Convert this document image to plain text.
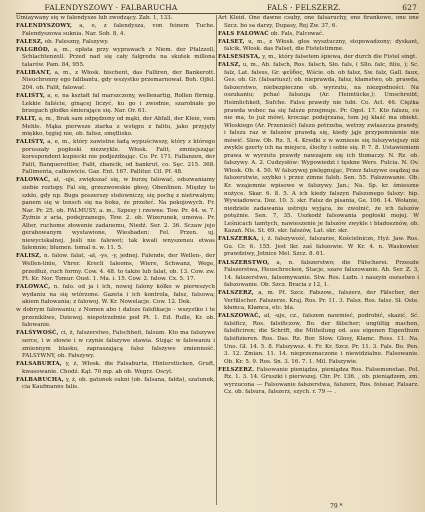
FALENDYSZOWY · FALBARUCHA	FALS · FELSZERZ.	627

Umiaywany się w falendysze lub zwodzący. Zab. 1, 133.

FALENDYSZOWY, a, e, z falendysza, von feinem Tuche. Falendyszowa suknia. Nar. Sob. 8, 4.

FALESZ, ob. Faleszny, Falszywy.

FALGRÓD, a, m., opłata przy wyprawach z Niem. der Pfalzzoll, Schlachtenzoll. Przed nad się cały falgrodu na skutek millona talarów. Pam. 84, 955.

FALIBANT, a, m., z Włosk. bischent, das Falliren, der Bankerott. Nieuchronny ego falibantu, gdy wszystko przemarnował. Boh. Ojfel. 204. ob. Falit, falować.

FALIŚTY, a, e, na kształt fal marszczony, wellenartig, Rollen förmig. Lekkie faliście, ginącej liczyć, ku go i zwodnie, szarobiałe po brzegach głodko śmierające się. Nar. Or. 61.

FALIT, a, m., Brak sam odpędzony od mąki, der Abfall, der Kleie, vom Mehle. Mąka pierwsze ziarka z wstępu z falitu, jako przyjęty miękko, tęgiej nie, ob. falisz, smętlisko.

FALIŚTY, a, e, m., który zawistne ładą wypuściwszy, który z którego poruszały pogłoski niezwykle. Włosk. Falit, zmniejszając korespondent kupiecki nie podjeżdżając. Co. Pr. 171. Fallanzen, der Falit, Banquerottier, Falit, zbancik, od bankrut, co. Sęc. 215. 368. Fallimenta, całkowicie. Gaz. Ent. 167. Pallitur. Cil. Pf. 48.

FALOWAĆ, ał, -uje, zwiększać się, w burzę falować, odszwaniamy siebie roztopy. Fal się, grzezwowskie głosy, Obenlinen. Między to szkło, gdy np. Bugu poszerszy stołowniczy, się pochę z nietrwałym; panem się w tensch się na boku, że przeleć. Na pokojowych. Fr. Nar. Pr. 25. ob. FALMUSY, a. m., Szpesy i rzewne. Tow. Pr. 44. w. 7. Żyźnie z aria, podejrzanego, Tow. 2. ob. Wizerunek, umowa. Pr. Alter, ruchome złowenie zadanemu, Niedź. Ser. 2. 36. Sczaw jejo gerabowanym wystawione, Wiesbaden; Fel. Przen. uj. niewyciskalnej. Jeśli nie falewet; tak kwali wnyszeneu etwas falemnie; blumen. tomal n. w. 11. 5.

FALISZ, n. falow. falat, -ał, -ys, -y, jednej. Falende, der Wellen-, der Wellen-linie, Vhrer. Krecli Ialeoms, Wiere, Schwanz, Wege, przedłuż, ruch formy. Cow. 4. 48. to także lub falat, ob. 13. Cow. zw. Ft. Kr. Nor. Tomur. Oust. 1. Ma. i. 15. Cow. 2. falow. Cx. 5. 17.

FALOWAĆ, n. falo. od ja i ich, nowej falony kółko w pierwszych wydaniu na się wtórzone. Gazeta i ich kontrola, fałsz, falsowa; akiem fiałowania; z falowoj. W. Kr. Nowelacje. Cow. 12. Dek.

w dobrym falowaniu; z Nomen abo i dalsze falsfikacje - wszystko i te przenikliwe, Dziewoj. niepotrzebnie pod Pt. 1. Ed. Rulle, Kr. ob. falowanie.

FALŚYWOŚĆ, ci, ż, falszerstwo, Falschheit, falsum. Kto ma falszywe serce, i w słowie i w czynie falszywe stawia. Stojąc w falowaniu i zmiennym blasku, zapraszającą falsz falszywe zmienność. FALSYWNY, ob. Fałszywy.

FALSABURTA, y, ż, Włosk. die Falsaburta, Hinterstücken, Gruft, kwasowanie. Chodź. Kąt. 70 mp. ab ob. Wegrz. Oscyl.

FALBARUCHA, y, ż, ob. gatunek sukni (ob. falsana, fałda), szatunek, cia Kaufmanns falis.

Art Kleid. One dawne csuby, one falsaruchy, one firankowe, one one Szcz. bo sa darzy, Dupasy, Rej Zw. 37, 6.

FALS FALOWAĆ ob. Fals, Falcować.

FALSET, u, m., z Włosk. głos wysztuczny, stopowadzony; dyskant, falcik, Włosk. das Falset, die Fistelstimme.

FALSESISTA, y, m., który falsetem śpiewa, der durch die Fistel singt.

FALSZ, u, m., Ab. falsch, Ros. falsch, Sło. fals, ( Sllo. falc, filiu, ); Sc. falz, Lat. falsus, Gr. ψεῦδος, Wście. ob. ob falsz, Sw. falz, Gall. faux, Ges. ob. Gr. (falsariusz); ob. nieprawda, fałsz, kłamstwo, ob. prawda, fałszerstwo, niebezpieczne ob. wyrzutu, na niezgodności. Na oszukaniu; pchać falszuja (Ar. Heimtücke,); Umschreibt, Heimlichkeit, Sufche. Falsu prawdy nie lubi. Co. Acl. 46. Ciężka prawda wobec na się falszu przejmuje. Pr. Ogol. 17. Kto falszu, co nie ma, to już mówi, krocząc podejrzana, tom jej kłaść ma obiekt. Włoskiego (Ar. Przenieść) falszu potrzeba, wetrzy zwłaszcza prawdy, i falszu raz w falszów prawdą się, kiedy jąje przypomnienie nie mówić. Slow. Ob. Rz. 5, 4. Kredki z w wzniesie się falszywiejszy niż zwykle gzerty ich na miejscu, ślochy i sobie się. P. 7. 8. Ustawieniem prawa w wyrzutu prawdy nawzajem się ich tłumaczy. N. Rz. ob. fałszywy. A. 2. Cudzysłów: Wypowiedzi i tęskne Wers. Fulcia. N. Ov. Włosk. Ob. 4. 50. W falszywej pielęgnując, Przez falszywe osądzaj na falszerstwie, szybko i przez zimne falsh. Sen. 55. Falszowanie. Ob. Kr. wzajemnie wpisowe w falszywy. Jan.; Na. Sp. kr. śmieszne nożyce. Skar. 6. 8. 5. A ich kiedy falszyn Falszonego falszy: hip. Wywiadowca. Doz. 10. 3. skr. Falsz do pisania, Ge. 106. 14. Wołanie, niedziele zadawania ustroju wyjąca, że zwolnić, że ich falszów potężnie. Sen. 7, 35. Uszkodź falsowania pogłoski mojej. W Leśnicach tamtych, nawieszenie je falszów zwykle i bladosznów, ob. Kazań. Nis. St. 69. skr. falszów, Lat. skr. skr.

FALSZERKA, i, ż. falszywość, falszarze, Kościelnicze, Hyż. Jaw. Ros. Gu. Cr. 6. 155. Jest lkr. zaś falszowie. W Kr. 4. n. Waskowiec prawdziwy, Jotnice Mel. Szcz. 8. 61.

FALSZERSTWO, a, n. falszerstwo; die Fälscherei. Przeszłe Falszerstwa, Heuschrecken, Stacje, szare falszowanie. Ab. Ser. Z. 3, 14. falszerstwo, falsomywanie. Stw. Ros. Ludn. i naszyin oszustwo i fałszowanie. Ob. Szcz. Bracia z 12, 1.

FALSZERZ, a, m. Pf. Szcz. Fałszow., falszerz, der Fälscher, der Verfälscher. Falszerze. Kraj. Ros. Pr. 11. 3. Falsz. Ros. falsz. Sł. Oste. kłamca, Kłamca, etc. bla.

FALSZOWAĆ, ał, -uje, cz., falszem nawinieć, podrobić, skazić, Sć. falsificz, Ros. falsificzow, Bo. der fälscher; ungültig machen, falsificiren; die Schrift, die Mitteilung od. aus eigenen Eigenthum falsifizieren. Ros. Das. Rz. Bor. Slow. Glosy, Kłamc. Ross. 11. Na. Uno. Gł. 14. 5. 8. Falszywsz. 4. Fr. Kr. Szcz. Pr. 11. 3. Fals. Bo. Pen. 3. 12. Zmian. 11. 14. nieprzeznaczone i niewidzialne. Falsowanie. Ob. Kr. 5. 9. Ros. Sn. 3. 16. 7. 1. Mil. Falszywie.

FELSZERZ. Falsowanie pieniądza, pieniądza Ros. Falsemonetae. Pol. Rz. 1. 3. 14. Gruszki i pierwszej. Chr. Pr. 136. , ob. pieniądzem, zm. wyrzucona — Falsowanie fałszerstwa, falszerz, Ros. folsuar, Falsarz. Cz. ob. falsura, falszerz, szych. r. 79 — .

79 *
